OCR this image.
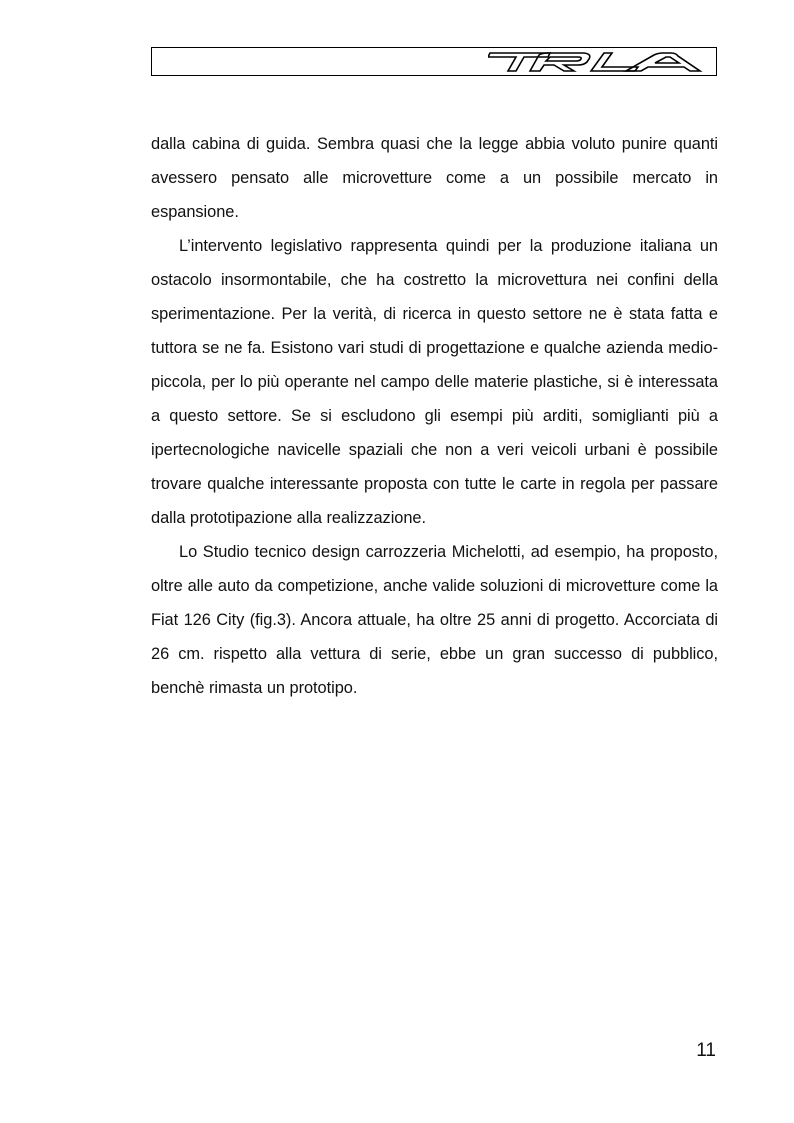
dalla cabina di guida. Sembra quasi che la legge abbia voluto punire quanti avessero pensato alle microvetture come a un possibile mercato in espansione.

L’intervento legislativo rappresenta quindi per la produzione italiana un ostacolo insormontabile, che ha costretto la microvettura nei confini della sperimentazione. Per la verità, di ricerca in questo settore ne è stata fatta e tuttora se ne fa. Esistono vari studi di progettazione e qualche azienda medio-piccola, per lo più operante nel campo delle materie plastiche, si è interessata a questo settore. Se si escludono gli esempi più arditi, somiglianti più a ipertecnologiche navicelle spaziali che non a veri veicoli urbani è possibile trovare qualche interessante proposta con tutte le carte in regola per passare dalla prototipazione alla realizzazione.

Lo Studio tecnico design carrozzeria Michelotti, ad esempio, ha proposto, oltre alle auto da competizione, anche valide soluzioni di microvetture come la Fiat 126 City (fig.3). Ancora attuale, ha oltre 25 anni di progetto. Accorciata di 26 cm. rispetto alla vettura di serie, ebbe un gran successo di pubblico, benchè rimasta un prototipo.

11
